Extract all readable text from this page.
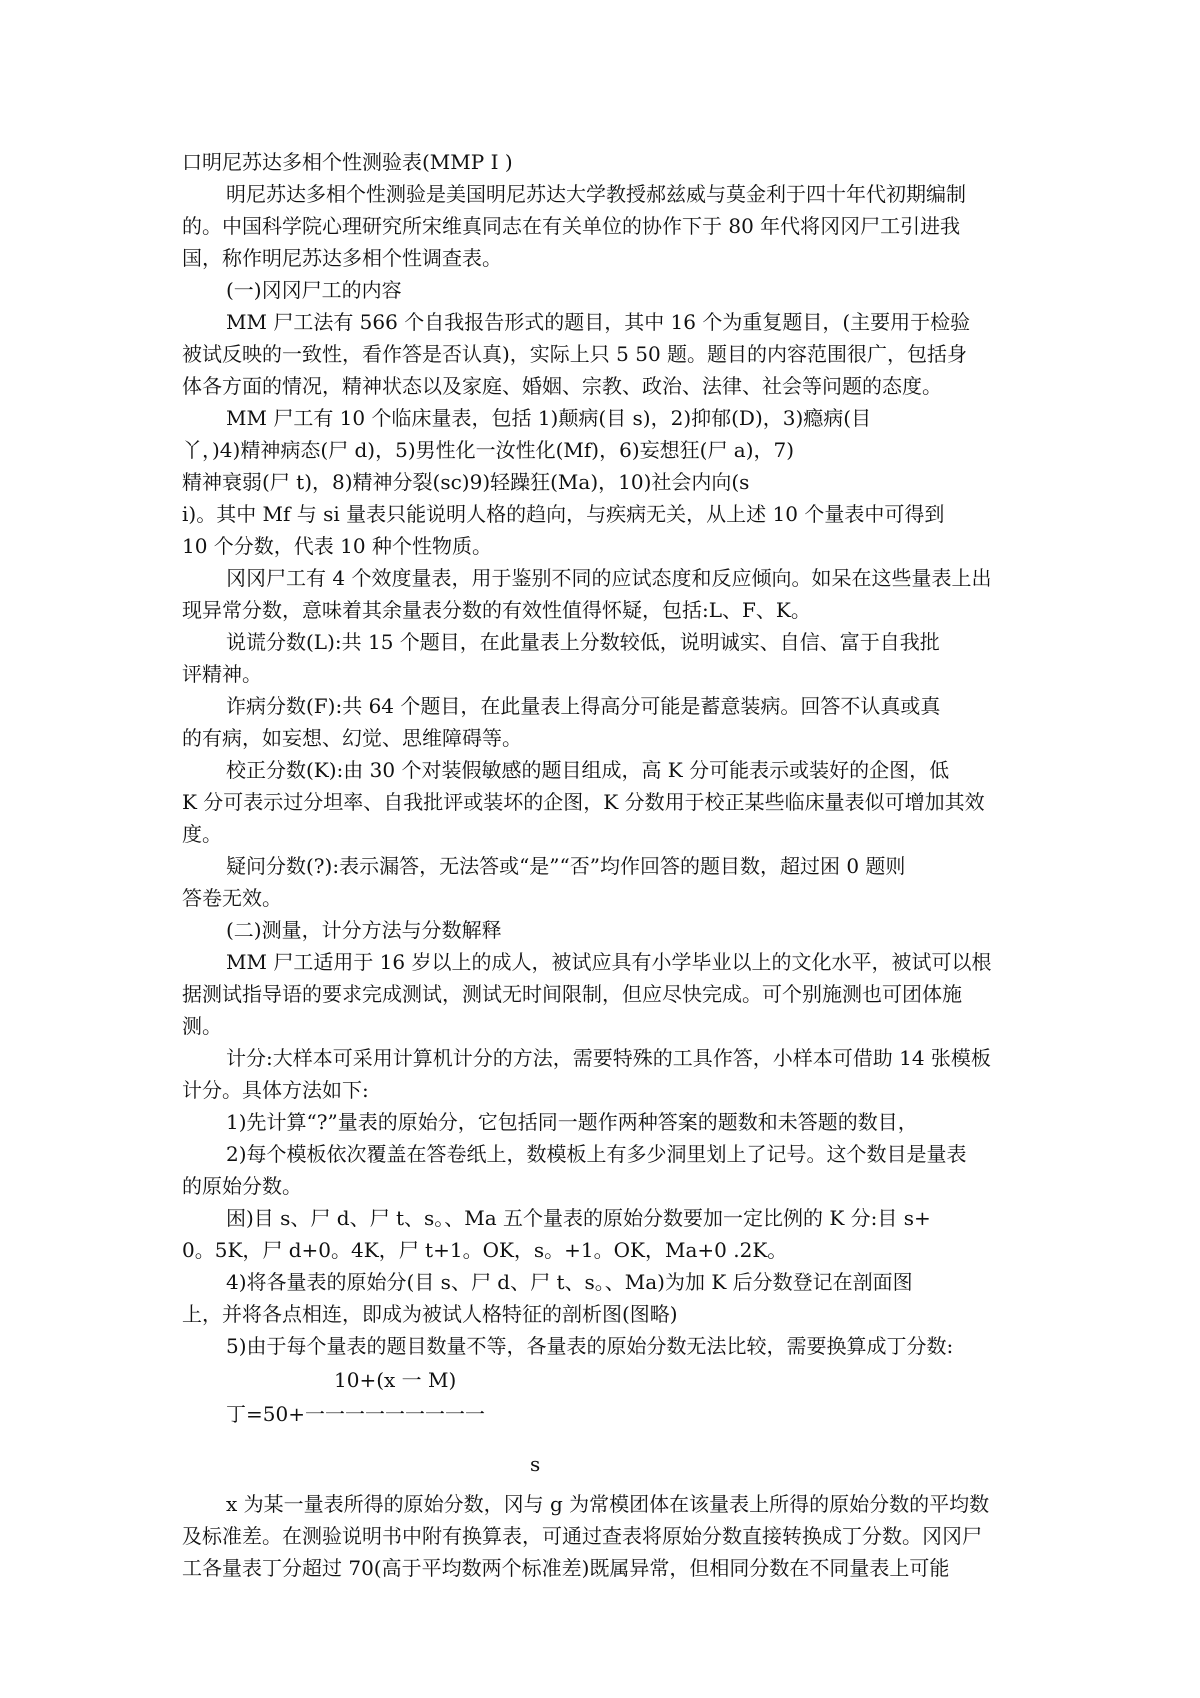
口明尼苏达多相个性测验表(MMP I )
明尼苏达多相个性测验是美国明尼苏达大学教授郝兹威与莫金利于四十年代初期编制
的。中国科学院心理研究所宋维真同志在有关单位的协作下于 80 年代将冈冈尸工引进我
国，称作明尼苏达多相个性调查表。
(一)冈冈尸工的内容
MM 尸工法有 566 个自我报告形式的题目，其中 16 个为重复题目，(主要用于检验
被试反映的一致性，看作答是否认真)，实际上只 5 50 题。题目的内容范围很广，包括身
体各方面的情况，精神状态以及家庭、婚姻、宗教、政治、法律、社会等问题的态度。
MM 尸工有 10 个临床量表，包括 1)颠病(目 s)，2)抑郁(D)，3)瘾病(目
丫，)4)精神病态(尸 d)，5)男性化一汝性化(Mf)，6)妄想狂(尸 a)，7)
精神衰弱(尸 t)，8)精神分裂(sc)9)轻躁狂(Ma)，10)社会内向(s
i)。其中 Mf 与 si 量表只能说明人格的趋向，与疾病无关，从上述 10 个量表中可得到
10 个分数，代表 10 种个性物质。
冈冈尸工有 4 个效度量表，用于鉴别不同的应试态度和反应倾向。如呆在这些量表上出
现异常分数，意味着其余量表分数的有效性值得怀疑，包括:L、F、K。
说谎分数(L):共 15 个题目，在此量表上分数较低，说明诚实、自信、富于自我批
评精神。
诈病分数(F):共 64 个题目，在此量表上得高分可能是蓄意装病。回答不认真或真
的有病，如妄想、幻觉、思维障碍等。
校正分数(K):由 30 个对装假敏感的题目组成，高 K 分可能表示或装好的企图，低
K 分可表示过分坦率、自我批评或装坏的企图，K 分数用于校正某些临床量表似可增加其效
度。
疑问分数(?):表示漏答，无法答或“是”“否”均作回答的题目数，超过困 0 题则
答卷无效。
(二)测量，计分方法与分数解释
MM 尸工适用于 16 岁以上的成人，被试应具有小学毕业以上的文化水平，被试可以根
据测试指导语的要求完成测试，测试无时间限制，但应尽快完成。可个别施测也可团体施
测。
计分:大样本可采用计算机计分的方法，需要特殊的工具作答，小样本可借助 14 张模板
计分。具体方法如下:
1)先计算“?”量表的原始分，它包括同一题作两种答案的题数和未答题的数目，
2)每个模板依次覆盖在答卷纸上，数模板上有多少洞里划上了记号。这个数目是量表
的原始分数。
困)目 s、尸 d、尸 t、s。、Ma 五个量表的原始分数要加一定比例的 K 分:目 s+
0。5K，尸 d+0。4K，尸 t+1。OK，s。+1。OK，Ma+0 .2K。
4)将各量表的原始分(目 s、尸 d、尸 t、s。、Ma)为加 K 后分数登记在剖面图
上，并将各点相连，即成为被试人格特征的剖析图(图略)
5)由于每个量表的题目数量不等，各量表的原始分数无法比较，需要换算成丁分数:
10+(x 一 M)
丁=50+一一一一一一一一一
s
x 为某一量表所得的原始分数，冈与 g 为常模团体在该量表上所得的原始分数的平均数
及标准差。在测验说明书中附有换算表，可通过查表将原始分数直接转换成丁分数。冈冈尸
工各量表丁分超过 70(高于平均数两个标准差)既属异常，但相同分数在不同量表上可能
